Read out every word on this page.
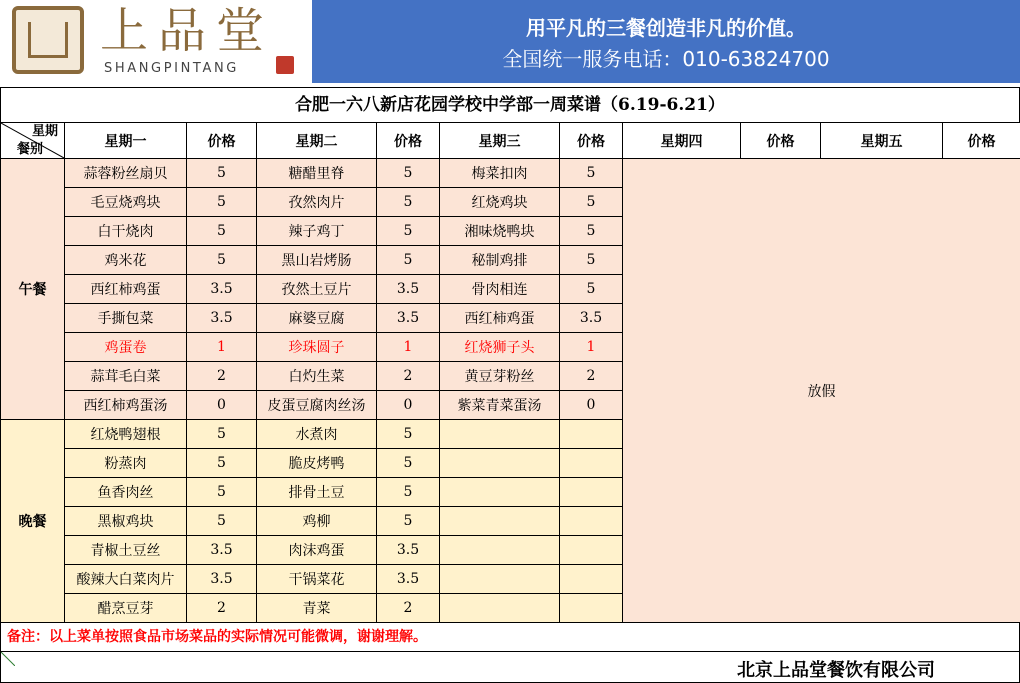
上品堂
SHANGPINTANG
用平凡的三餐创造非凡的价值。
全国统一服务电话：010-63824700
合肥一六八新店花园学校中学部一周菜谱（6.19-6.21）
星期
餐别	星期一	价格	星期二	价格	星期三	价格	星期四	价格	星期五	价格
午餐	蒜蓉粉丝扇贝	5	糖醋里脊	5	梅菜扣肉	5	放假			
	毛豆烧鸡块	5	孜然肉片	5	红烧鸡块	5				
	白干烧肉	5	辣子鸡丁	5	湘味烧鸭块	5				
	鸡米花	5	黑山岩烤肠	5	秘制鸡排	5				
	西红柿鸡蛋	3.5	孜然土豆片	3.5	骨肉相连	5				
	手撕包菜	3.5	麻婆豆腐	3.5	西红柿鸡蛋	3.5				
	鸡蛋卷	1	珍珠圆子	1	红烧狮子头	1				
	蒜茸毛白菜	2	白灼生菜	2	黄豆芽粉丝	2				
	西红柿鸡蛋汤	0	皮蛋豆腐肉丝汤	0	紫菜青菜蛋汤	0				
晚餐	红烧鸭翅根	5	水煮肉	5						
	粉蒸肉	5	脆皮烤鸭	5						
	鱼香肉丝	5	排骨土豆	5						
	黑椒鸡块	5	鸡柳	5						
	青椒土豆丝	3.5	肉沫鸡蛋	3.5						
	酸辣大白菜肉片	3.5	干锅菜花	3.5						
	醋烹豆芽	2	青菜	2						
备注：以上菜单按照食品市场菜品的实际情况可能微调，谢谢理解。
北京上品堂餐饮有限公司
